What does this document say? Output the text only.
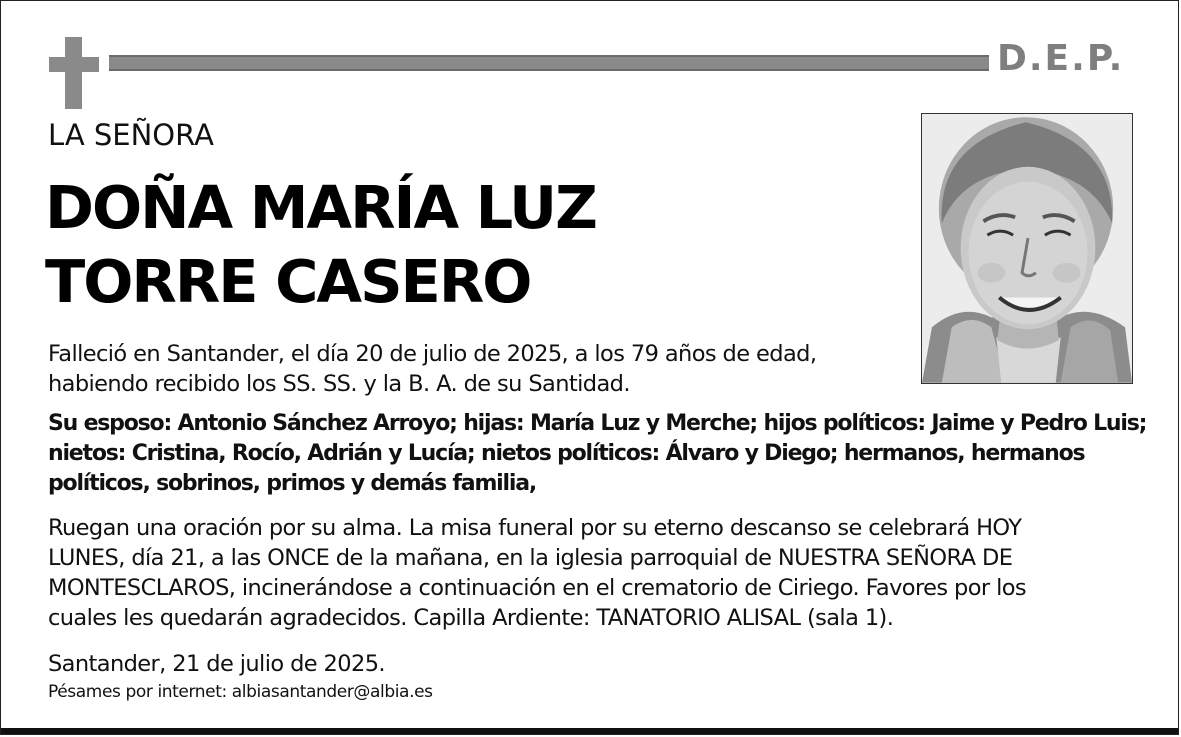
D.E.P.
LA SEÑORA
DOÑA MARÍA LUZ
TORRE CASERO
Falleció en Santander, el día 20 de julio de 2025, a los 79 años de edad,
habiendo recibido los SS. SS. y la B. A. de su Santidad.
Su esposo: Antonio Sánchez Arroyo; hijas: María Luz y Merche; hijos políticos: Jaime y Pedro Luis;
nietos: Cristina, Rocío, Adrián y Lucía; nietos políticos: Álvaro y Diego; hermanos, hermanos
políticos, sobrinos, primos y demás familia,
Ruegan una oración por su alma. La misa funeral por su eterno descanso se celebrará HOY
LUNES, día 21, a las ONCE de la mañana, en la iglesia parroquial de NUESTRA SEÑORA DE
MONTESCLAROS, incinerándose a continuación en el crematorio de Ciriego. Favores por los
cuales les quedarán agradecidos. Capilla Ardiente: TANATORIO ALISAL (sala 1).
Santander, 21 de julio de 2025.
Pésames por internet: albiasantander@albia.es
